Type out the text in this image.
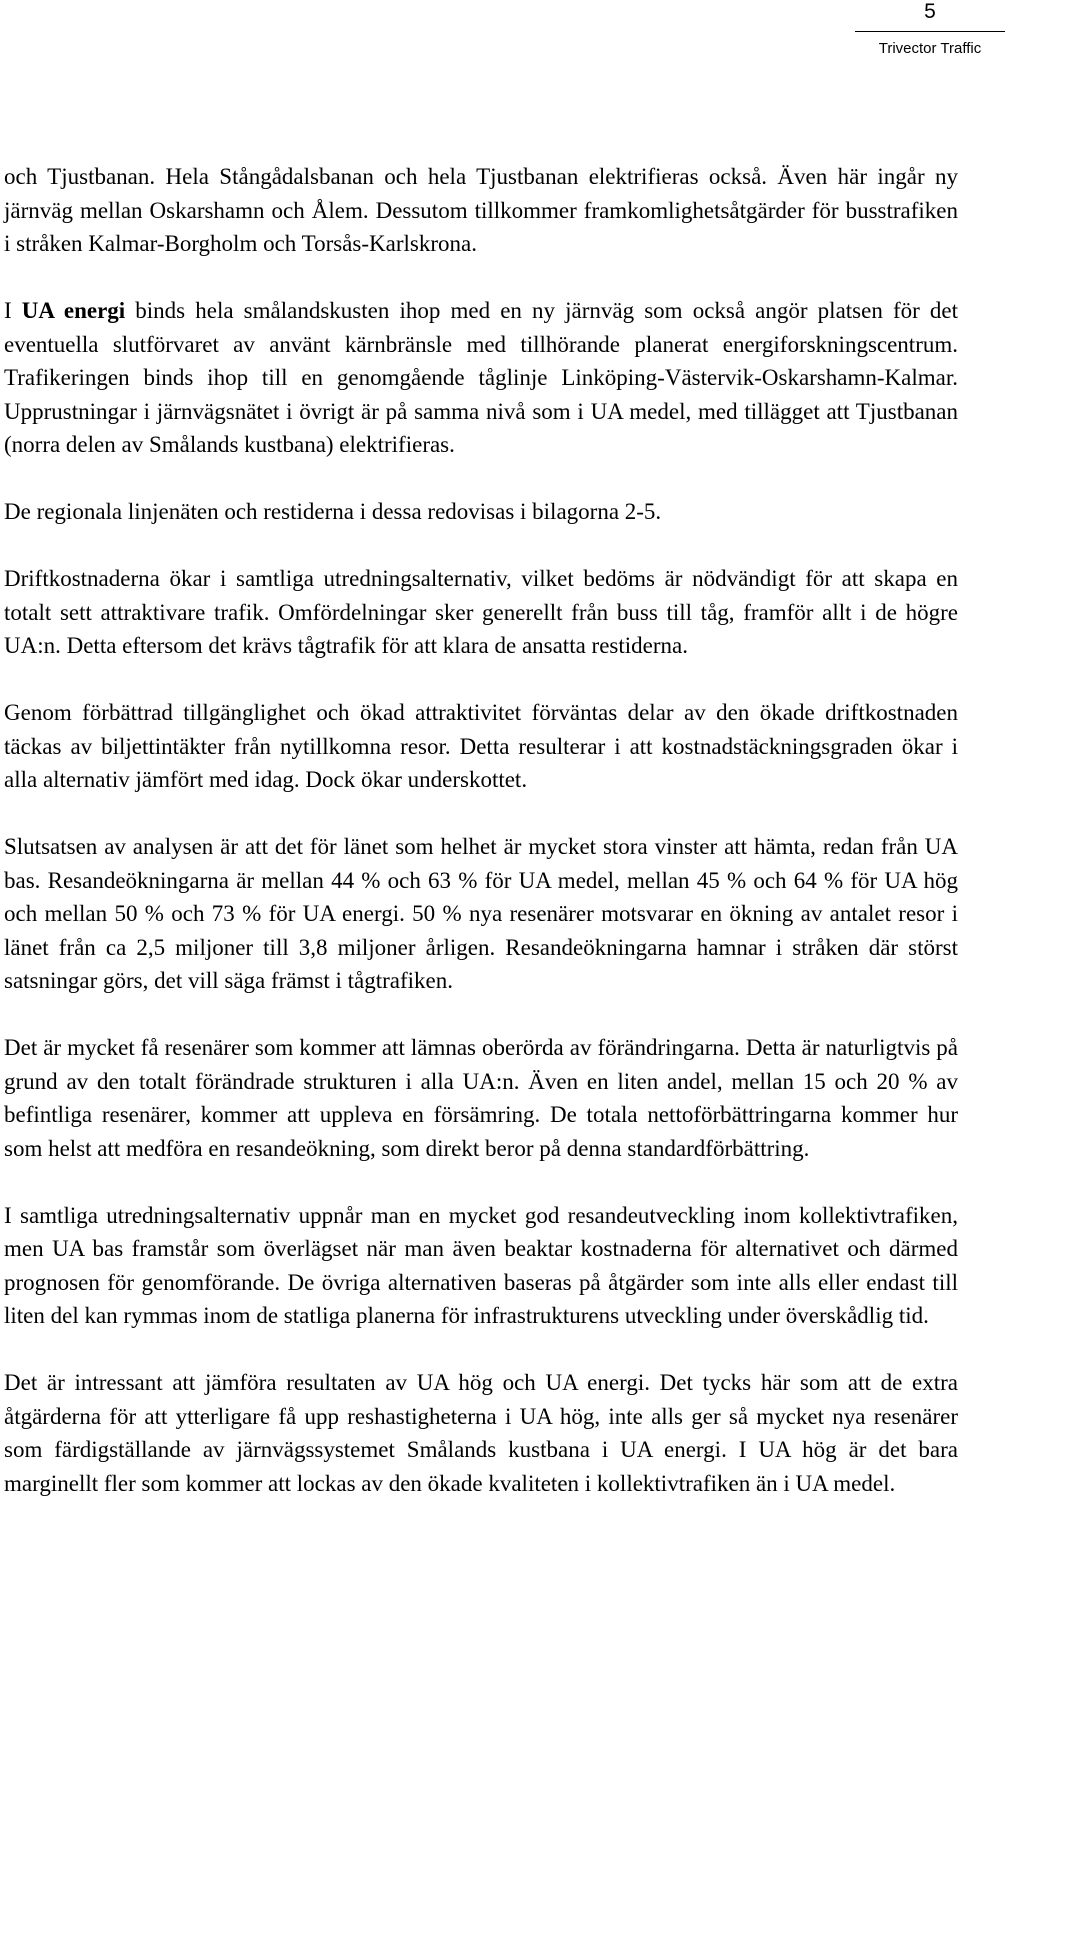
5
Trivector Traffic

och Tjustbanan. Hela Stångådalsbanan och hela Tjustbanan elektrifieras också. Även här ingår ny järnväg mellan Oskarshamn och Ålem. Dessutom tillkommer framkomlighetsåtgärder för busstrafiken i stråken Kalmar-Borgholm och Torsås-Karlskrona.

I UA energi binds hela smålandskusten ihop med en ny järnväg som också angör platsen för det eventuella slutförvaret av använt kärnbränsle med tillhörande planerat energiforskningscentrum. Trafikeringen binds ihop till en genomgående tåglinje Linköping-Västervik-Oskarshamn-Kalmar. Upprustningar i järnvägsnätet i övrigt är på samma nivå som i UA medel, med tillägget att Tjustbanan (norra delen av Smålands kustbana) elektrifieras.

De regionala linjenäten och restiderna i dessa redovisas i bilagorna 2-5.

Driftkostnaderna ökar i samtliga utredningsalternativ, vilket bedöms är nödvändigt för att skapa en totalt sett attraktivare trafik. Omfördelningar sker generellt från buss till tåg, framför allt i de högre UA:n. Detta eftersom det krävs tågtrafik för att klara de ansatta restiderna.

Genom förbättrad tillgänglighet och ökad attraktivitet förväntas delar av den ökade driftkostnaden täckas av biljettintäkter från nytillkomna resor. Detta resulterar i att kostnadstäckningsgraden ökar i alla alternativ jämfört med idag. Dock ökar underskottet.

Slutsatsen av analysen är att det för länet som helhet är mycket stora vinster att hämta, redan från UA bas. Resandeökningarna är mellan 44 % och 63 % för UA medel, mellan 45 % och 64 % för UA hög och mellan 50 % och 73 % för UA energi. 50 % nya resenärer motsvarar en ökning av antalet resor i länet från ca 2,5 miljoner till 3,8 miljoner årligen. Resandeökningarna hamnar i stråken där störst satsningar görs, det vill säga främst i tågtrafiken.

Det är mycket få resenärer som kommer att lämnas oberörda av förändringarna. Detta är naturligtvis på grund av den totalt förändrade strukturen i alla UA:n. Även en liten andel, mellan 15 och 20 % av befintliga resenärer, kommer att uppleva en försämring. De totala nettoförbättringarna kommer hur som helst att medföra en resandeökning, som direkt beror på denna standardförbättring.

I samtliga utredningsalternativ uppnår man en mycket god resandeutveckling inom kollektivtrafiken, men UA bas framstår som överlägset när man även beaktar kostnaderna för alternativet och därmed prognosen för genomförande. De övriga alternativen baseras på åtgärder som inte alls eller endast till liten del kan rymmas inom de statliga planerna för infrastrukturens utveckling under överskådlig tid.

Det är intressant att jämföra resultaten av UA hög och UA energi. Det tycks här som att de extra åtgärderna för att ytterligare få upp reshastigheterna i UA hög, inte alls ger så mycket nya resenärer som färdigställande av järnvägssystemet Smålands kustbana i UA energi. I UA hög är det bara marginellt fler som kommer att lockas av den ökade kvaliteten i kollektivtrafiken än i UA medel.
